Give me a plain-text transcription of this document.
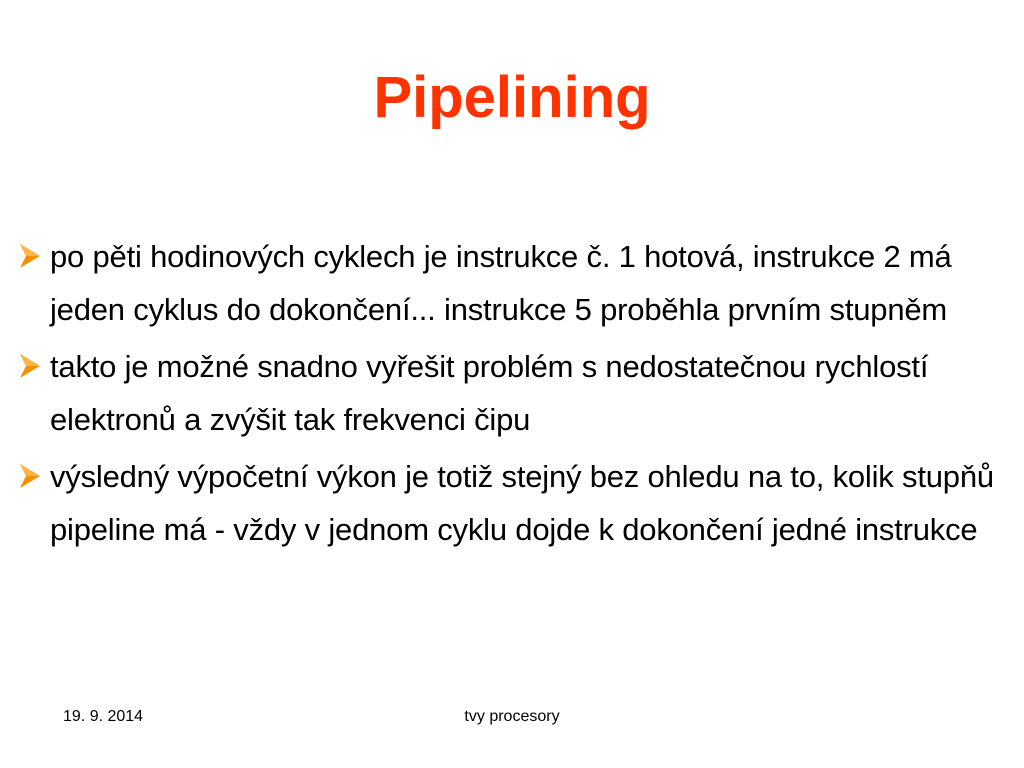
Pipelining
po pěti hodinových cyklech je instrukce č. 1 hotová, instrukce 2 má jeden cyklus do dokončení... instrukce 5 proběhla prvním stupněm
takto je možné snadno vyřešit problém s nedostatečnou rychlostí elektronů a zvýšit tak frekvenci čipu
výsledný výpočetní výkon je totiž stejný bez ohledu na to, kolik stupňů pipeline má - vždy v jednom cyklu dojde k dokončení jedné instrukce
19. 9. 2014	tvy procesory
